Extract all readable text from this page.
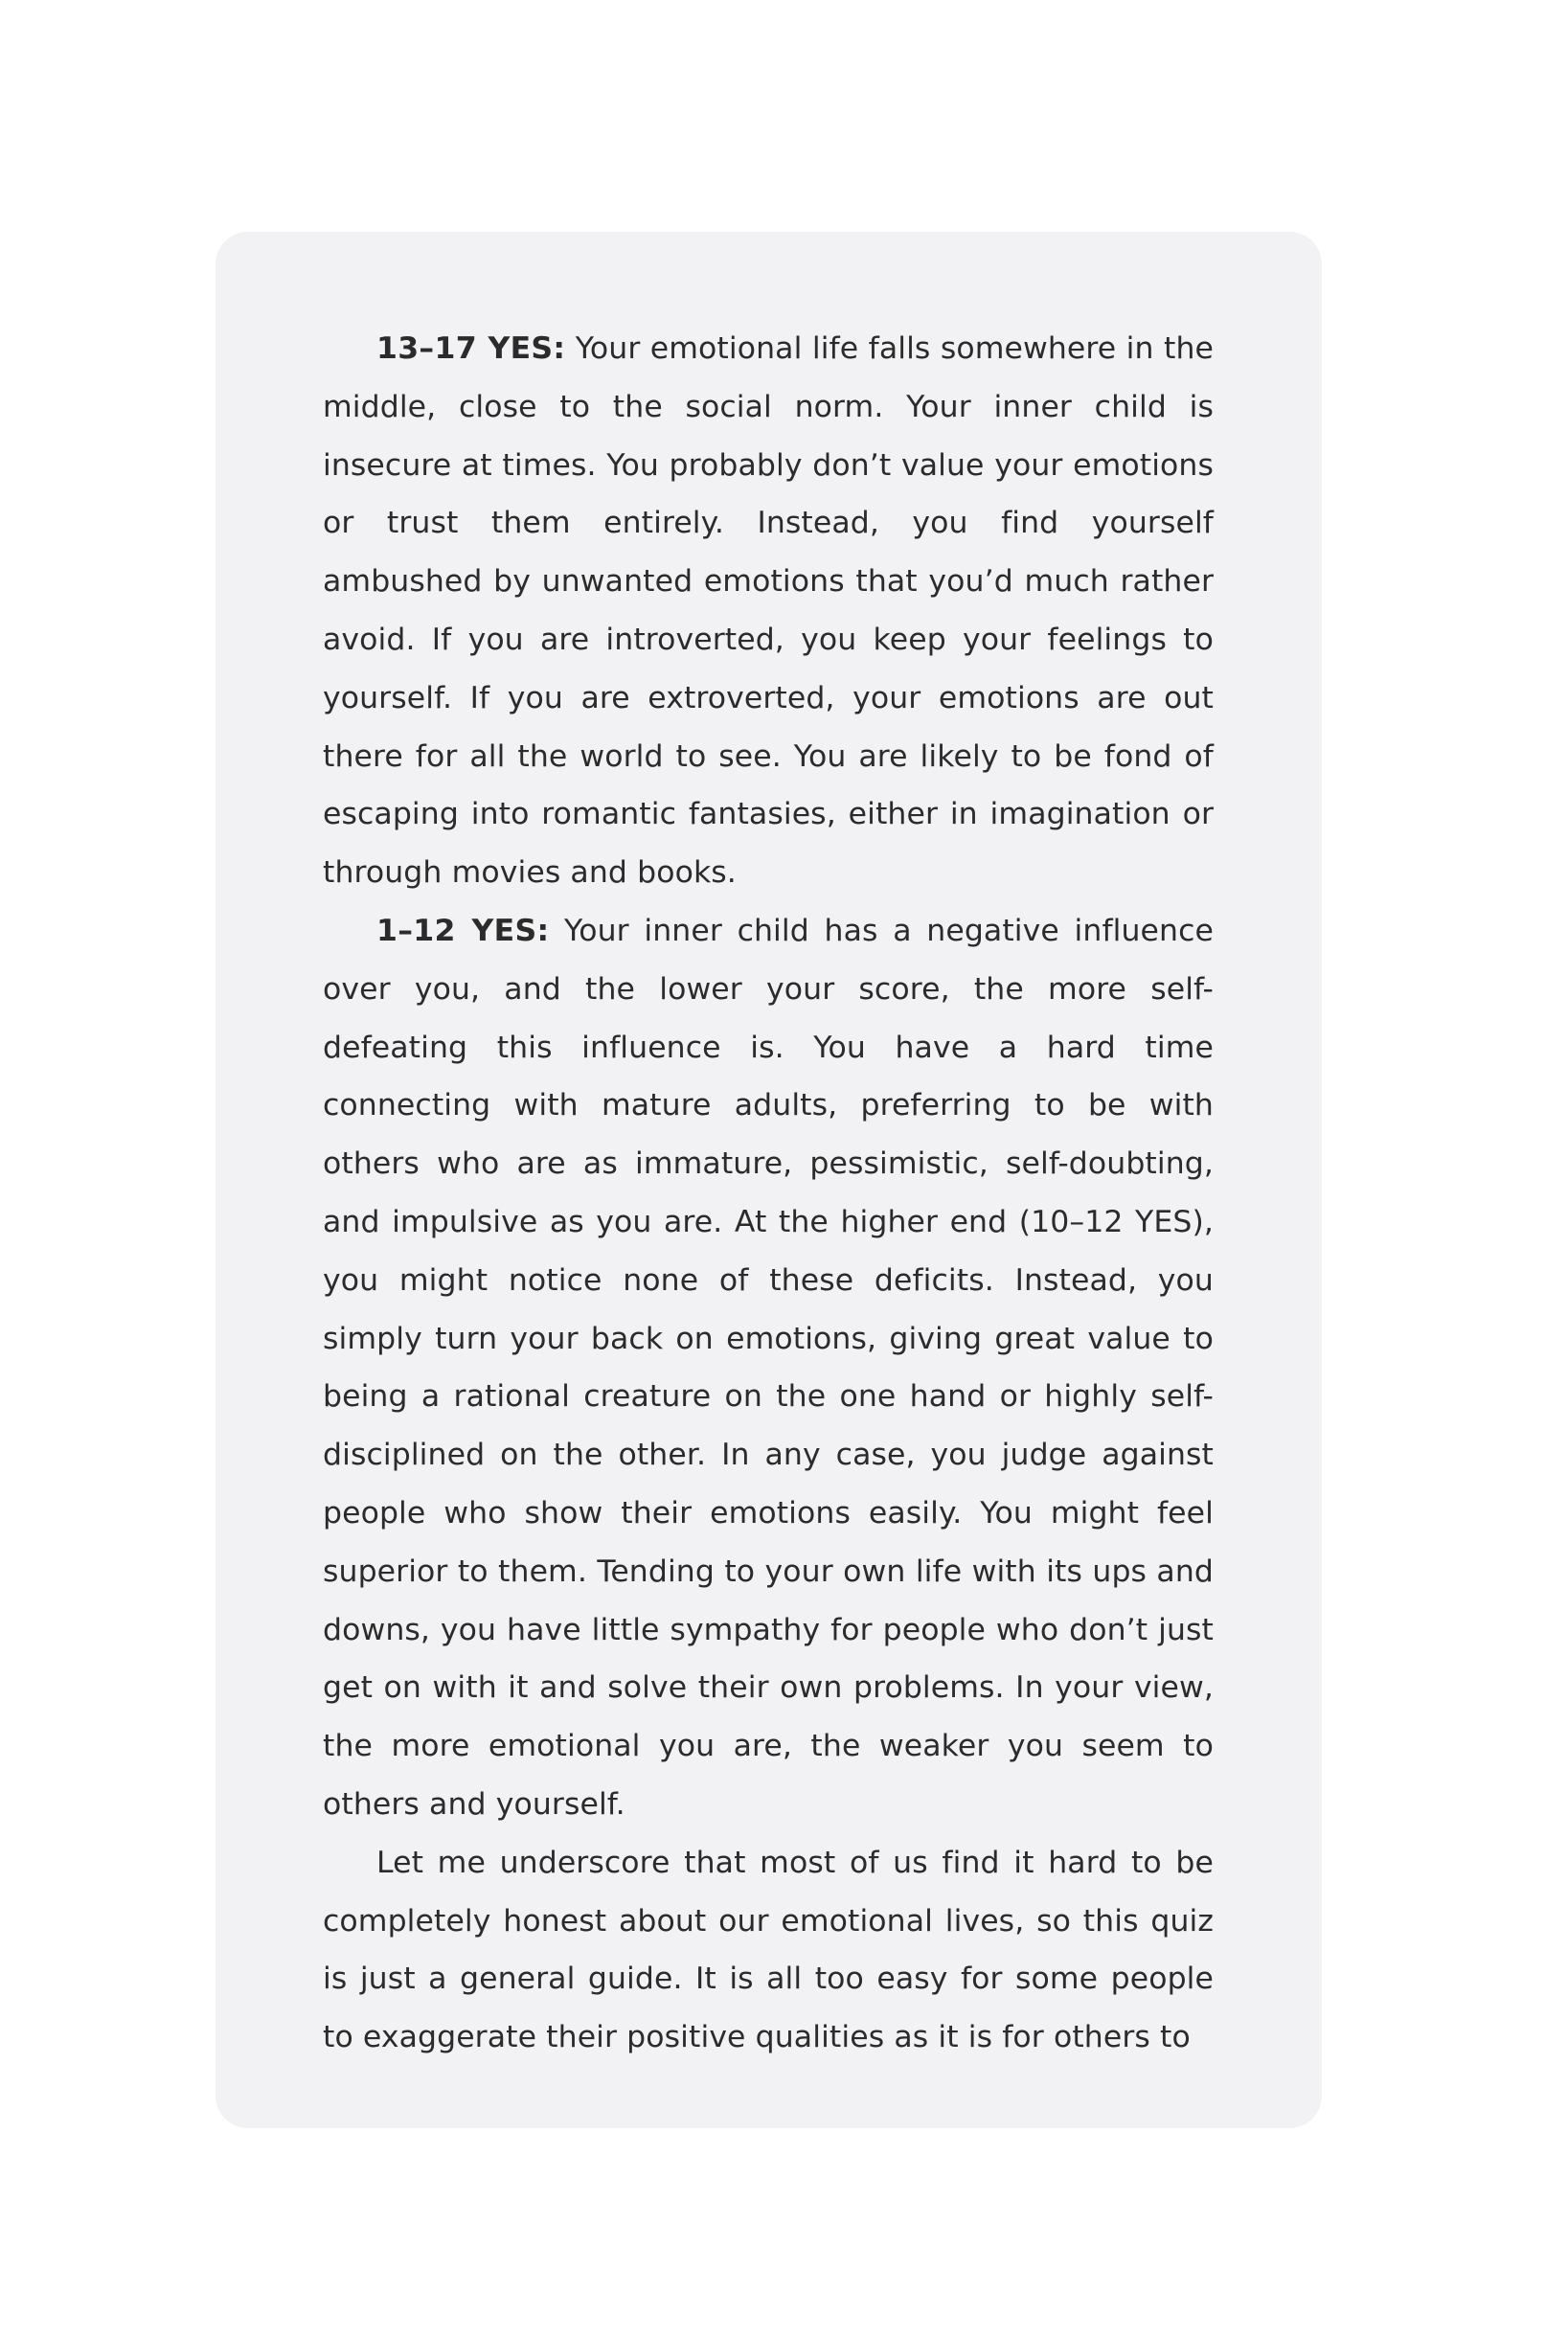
13–17 YES: Your emotional life falls somewhere in the middle, close to the social norm. Your inner child is insecure at times. You probably don’t value your emotions or trust them entirely. Instead, you find yourself ambushed by unwanted emotions that you’d much rather avoid. If you are introverted, you keep your feelings to yourself. If you are extroverted, your emotions are out there for all the world to see. You are likely to be fond of escaping into romantic fantasies, either in imagination or through movies and books.

1–12 YES: Your inner child has a negative influence over you, and the lower your score, the more self-defeating this influence is. You have a hard time connecting with mature adults, preferring to be with others who are as immature, pessimistic, self-doubting, and impulsive as you are. At the higher end (10–12 YES), you might notice none of these deficits. Instead, you simply turn your back on emotions, giving great value to being a rational creature on the one hand or highly self-disciplined on the other. In any case, you judge against people who show their emotions easily. You might feel superior to them. Tending to your own life with its ups and downs, you have little sympathy for people who don’t just get on with it and solve their own problems. In your view, the more emotional you are, the weaker you seem to others and yourself.

Let me underscore that most of us find it hard to be completely honest about our emotional lives, so this quiz is just a general guide. It is all too easy for some people to exaggerate their positive qualities as it is for others to
